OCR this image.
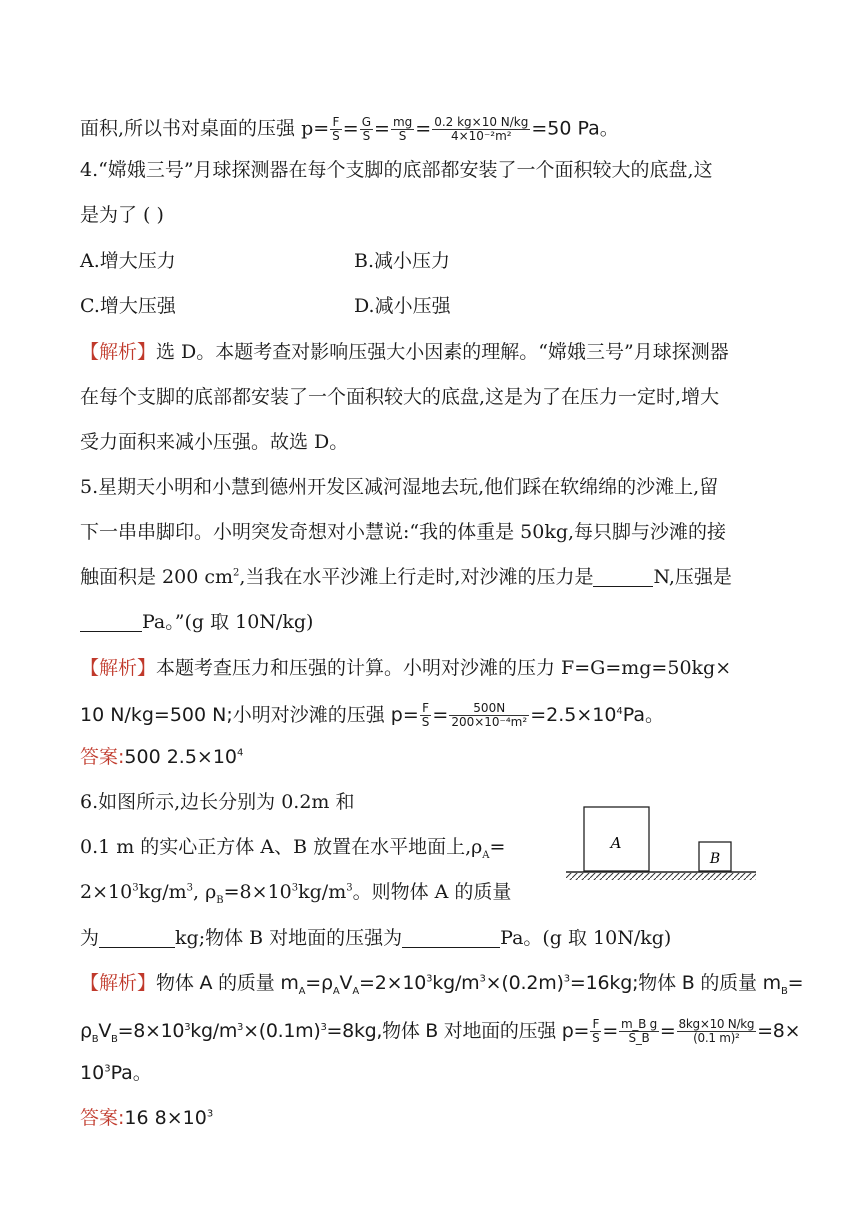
面积,所以书对桌面的压强 $p= \frac{F}{S} = \frac{G}{S} = \frac{mg}{S} = \frac{0.2 kg\times 10 N/kg}{\text{4×10⁻²m²}} =50$ Pa。
4.“嫦娥三号”月球探测器在每个支脚的底部都安装了一个面积较大的底盘,这
是为了 ( )
A.增大压力	B.减小压力
C.增大压强	D.减小压强
【解析】选 D。本题考查对影响压强大小因素的理解。“嫦娥三号”月球探测器
在每个支脚的底部都安装了一个面积较大的底盘,这是为了在压力一定时,增大
受力面积来减小压强。故选 D。
5.星期天小明和小慧到德州开发区减河湿地去玩,他们踩在软绵绵的沙滩上,留
下一串串脚印。小明突发奇想对小慧说:“我的体重是 50kg,每只脚与沙滩的接
触面积是 200 $cm^2$,当我在水平沙滩上行走时,对沙滩的压力是	N,压强是
Pa。”(g 取 10N/kg)
【解析】本题考查压力和压强的计算。小明对沙滩的压力 F=G=mg=50kg×
10 N/kg=500 N;小明对沙滩的压强 $p= \frac{F}{S} = \frac{500N}{\text{200×10⁻⁴m²}} =2.5\times 10^4Pa$。
答案:500 $2.5\times 10^4$
6.如图所示,边长分别为 0.2m 和
0.1 m 的实心正方体 A、B 放置在水平地面上$,\rho_A=$
$2\times 10^3kg/m^3$, $\rho_B=8\times 10^3kg/m^3$。则物体 A 的质量
为	kg;物体 B 对地面的压强为	Pa。(g 取 10N/kg)
A
B
【解析】物体 A 的质量 $m_A=\rho_AV_A=2\times 10^3kg/m^3\times(0.2m)^3=16kg$;物体 B 的质量 $m_B=$
$\rho_BV_B=8\times 10^3kg/m^3\times(0.1m)^3=8kg$,物体 B 对地面的压强 $p= \frac{F}{S} = \frac{\text{m\_B g}}{S\_B} = \frac{8kg\times 10 N/kg}{\text{(0.1 m)²}} =8\times$
$10^3Pa$。
答案:16 $8\times 10^3$
